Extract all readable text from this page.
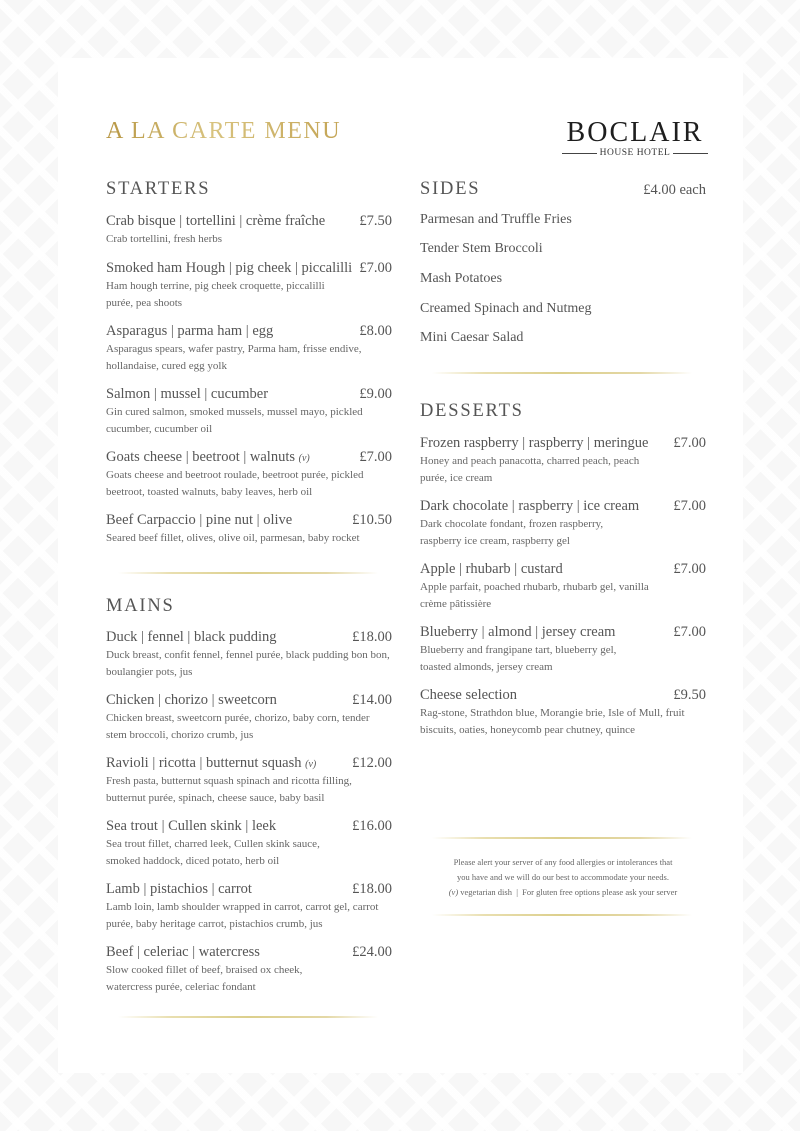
A LA CARTE MENU	BOCLAIR
HOUSE HOTEL
STARTERS
Crab bisque | tortellini | crème fraîche £7.50
Crab tortellini, fresh herbs
Smoked ham Hough | pig cheek | piccalilli £7.00
Ham hough terrine, pig cheek croquette, piccalilli purée, pea shoots
Asparagus | parma ham | egg	£8.00
Asparagus spears, wafer pastry, Parma ham, frisse endive, hollandaise, cured egg yolk
Salmon | mussel | cucumber	£9.00
Gin cured salmon, smoked mussels, mussel mayo, pickled cucumber, cucumber oil
Goats cheese | beetroot | walnuts (v)	£7.00
Goats cheese and beetroot roulade, beetroot purée, pickled beetroot, toasted walnuts, baby leaves, herb oil
Beef Carpaccio | pine nut | olive	£10.50
Seared beef fillet, olives, olive oil, parmesan, baby rocket
MAINS
Duck | fennel | black pudding	£18.00
Duck breast, confit fennel, fennel purée, black pudding bon bon, boulangier pots, jus
Chicken | chorizo | sweetcorn	£14.00
Chicken breast, sweetcorn purée, chorizo, baby corn, tender stem broccoli, chorizo crumb, jus
Ravioli | ricotta | butternut squash (v) £12.00
Fresh pasta, butternut squash spinach and ricotta filling, butternut purée, spinach, cheese sauce, baby basil
Sea trout | Cullen skink | leek	£16.00
Sea trout fillet, charred leek, Cullen skink sauce, smoked haddock, diced potato, herb oil
Lamb | pistachios | carrot	£18.00
Lamb loin, lamb shoulder wrapped in carrot, carrot gel, carrot purée, baby heritage carrot, pistachios crumb, jus
Beef | celeriac | watercress	£24.00
Slow cooked fillet of beef, braised ox cheek, watercress purée, celeriac fondant
SIDES	£4.00 each
Parmesan and Truffle Fries
Tender Stem Broccoli
Mash Potatoes
Creamed Spinach and Nutmeg
Mini Caesar Salad
DESSERTS
Frozen raspberry | raspberry | meringue £7.00
Honey and peach panacotta, charred peach, peach purée, ice cream
Dark chocolate | raspberry | ice cream £7.00
Dark chocolate fondant, frozen raspberry, raspberry ice cream, raspberry gel
Apple | rhubarb | custard	£7.00
Apple parfait, poached rhubarb, rhubarb gel, vanilla crème pâtissière
Blueberry | almond | jersey cream	£7.00
Blueberry and frangipane tart, blueberry gel, toasted almonds, jersey cream
Cheese selection	£9.50
Rag-stone, Strathdon blue, Morangie brie, Isle of Mull, fruit biscuits, oaties, honeycomb pear chutney, quince
Please alert your server of any food allergies or intolerances that
you have and we will do our best to accommodate your needs.
(v) vegetarian dish  |  For gluten free options please ask your server
